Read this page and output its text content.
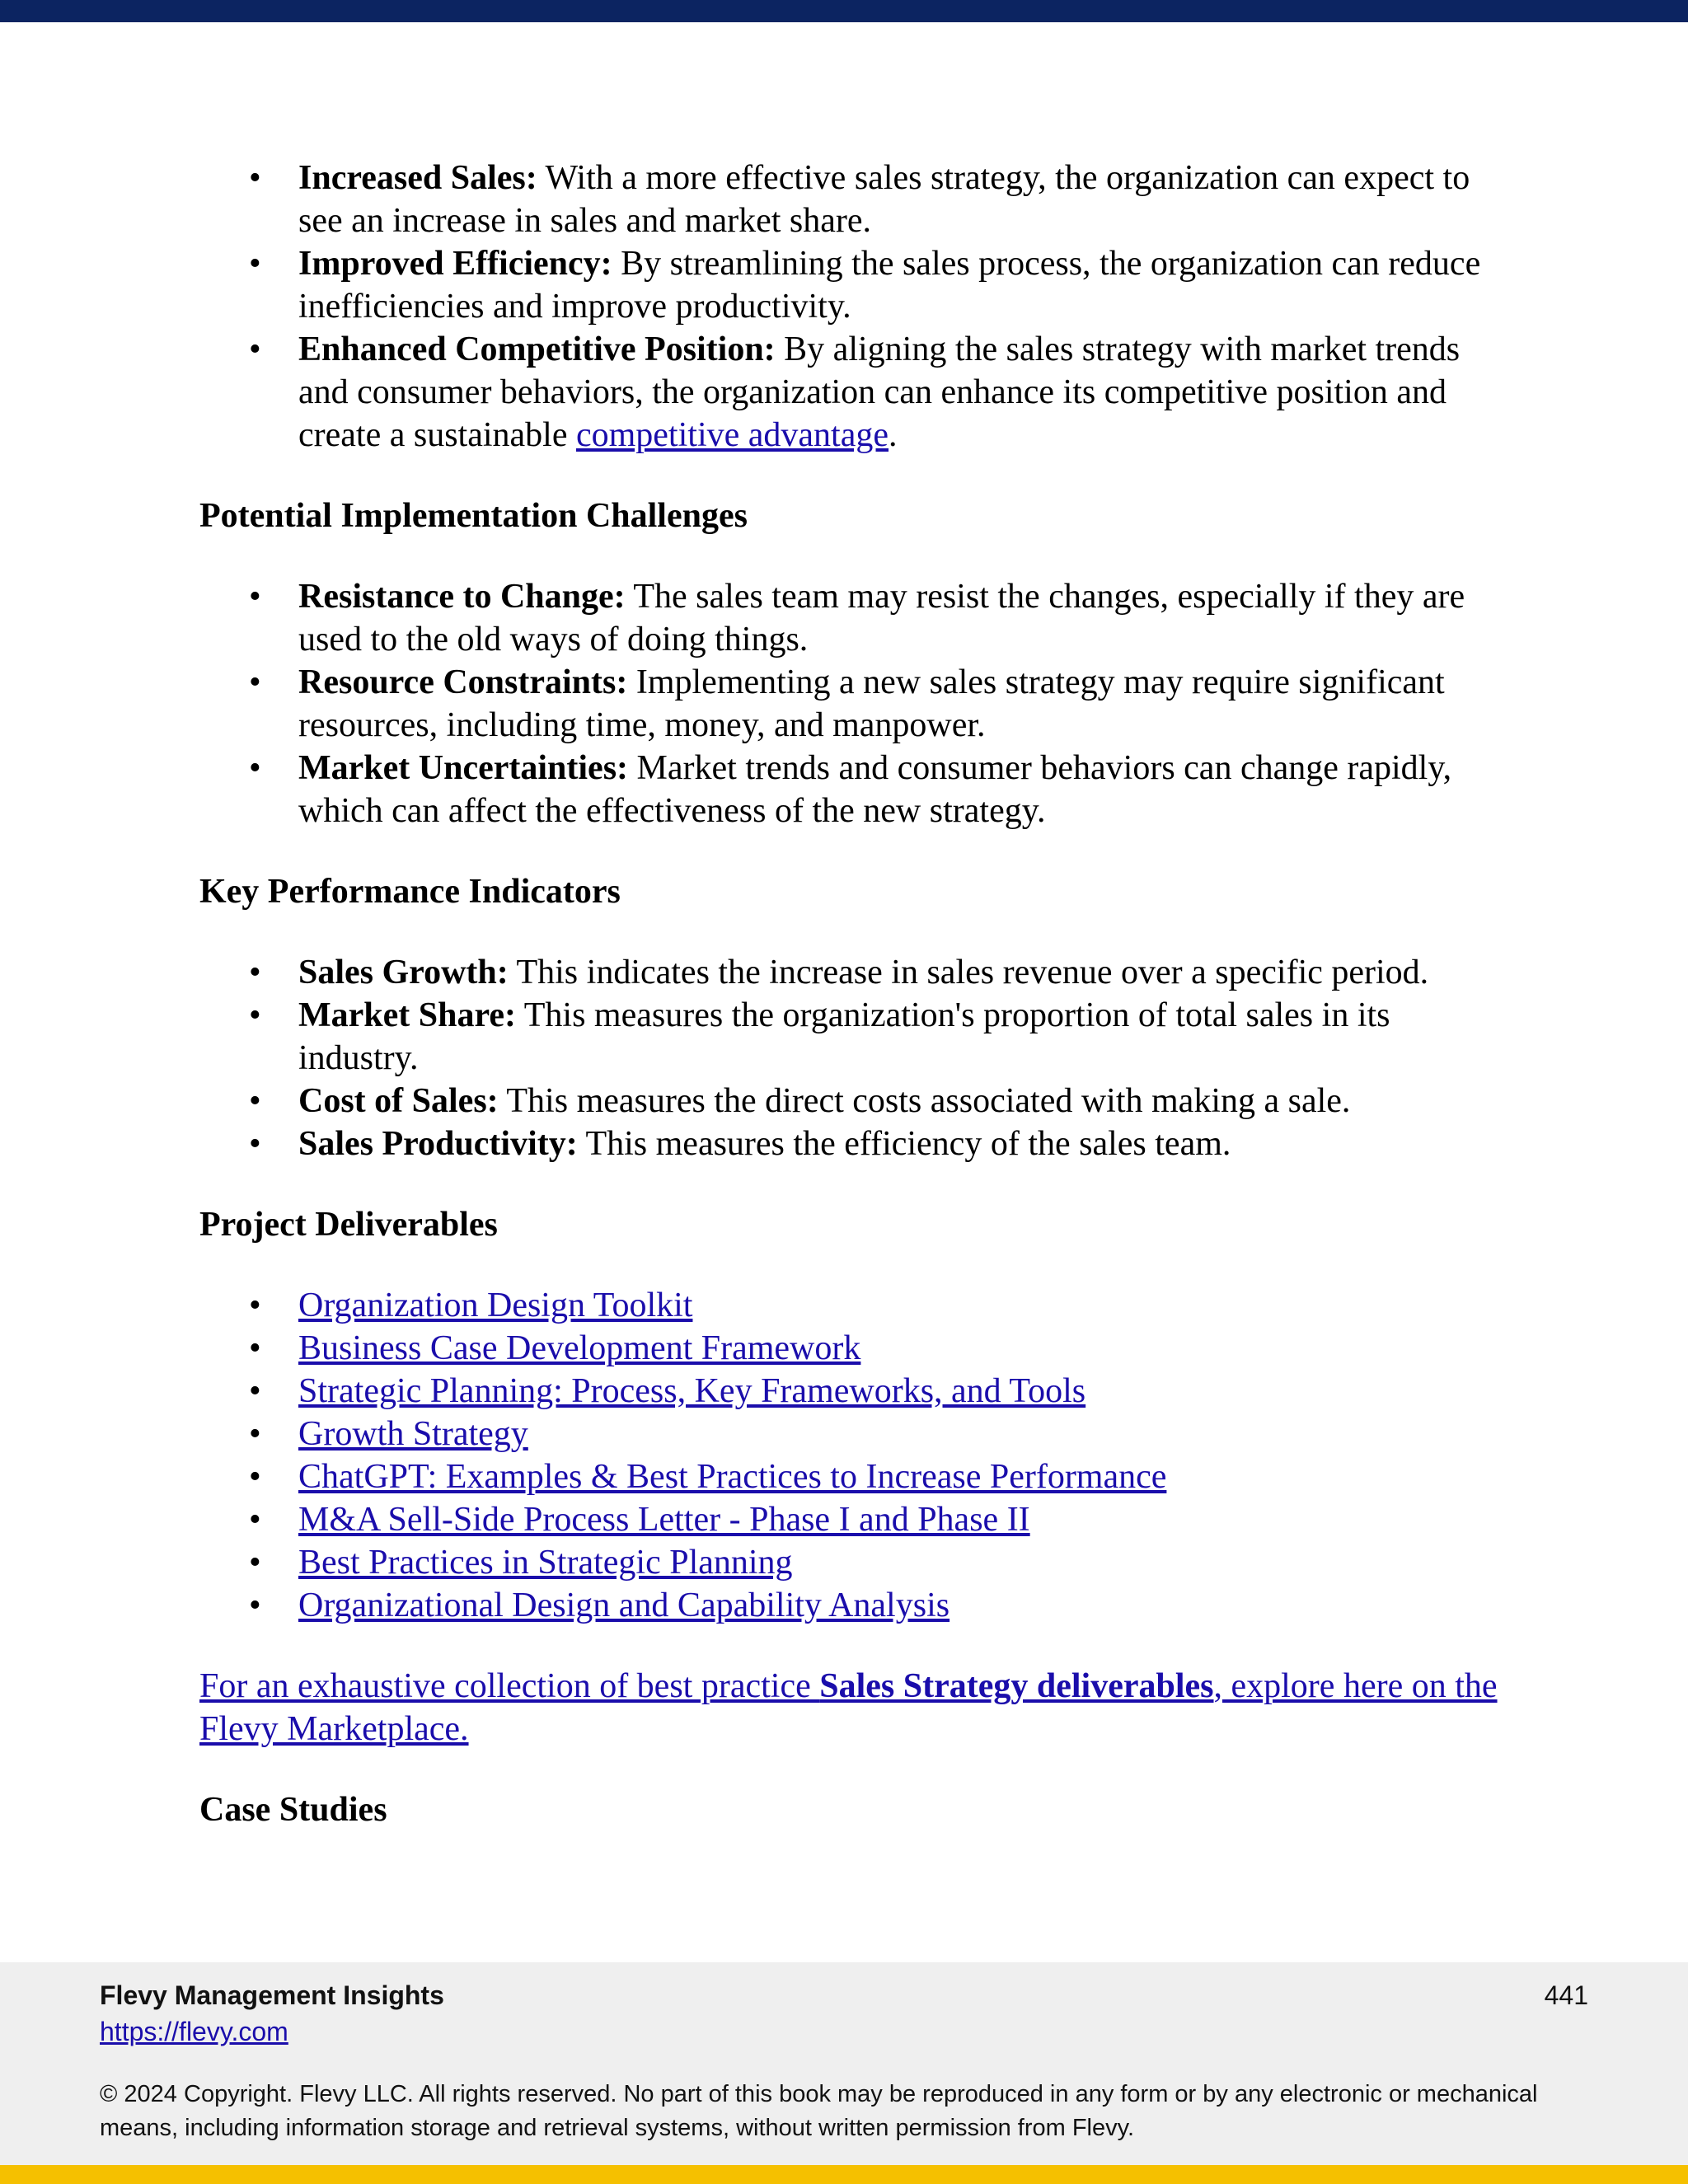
• Increased Sales: With a more effective sales strategy, the organization can expect to see an increase in sales and market share.
• Improved Efficiency: By streamlining the sales process, the organization can reduce inefficiencies and improve productivity.
• Enhanced Competitive Position: By aligning the sales strategy with market trends and consumer behaviors, the organization can enhance its competitive position and create a sustainable competitive advantage.
Potential Implementation Challenges
• Resistance to Change: The sales team may resist the changes, especially if they are used to the old ways of doing things.
• Resource Constraints: Implementing a new sales strategy may require significant resources, including time, money, and manpower.
• Market Uncertainties: Market trends and consumer behaviors can change rapidly, which can affect the effectiveness of the new strategy.
Key Performance Indicators
• Sales Growth: This indicates the increase in sales revenue over a specific period.
• Market Share: This measures the organization's proportion of total sales in its industry.
• Cost of Sales: This measures the direct costs associated with making a sale.
• Sales Productivity: This measures the efficiency of the sales team.
Project Deliverables
• Organization Design Toolkit
• Business Case Development Framework
• Strategic Planning: Process, Key Frameworks, and Tools
• Growth Strategy
• ChatGPT: Examples & Best Practices to Increase Performance
• M&A Sell-Side Process Letter - Phase I and Phase II
• Best Practices in Strategic Planning
• Organizational Design and Capability Analysis
For an exhaustive collection of best practice Sales Strategy deliverables, explore here on the Flevy Marketplace.
Case Studies
Flevy Management Insights
https://flevy.com
441
© 2024 Copyright. Flevy LLC. All rights reserved. No part of this book may be reproduced in any form or by any electronic or mechanical means, including information storage and retrieval systems, without written permission from Flevy.
